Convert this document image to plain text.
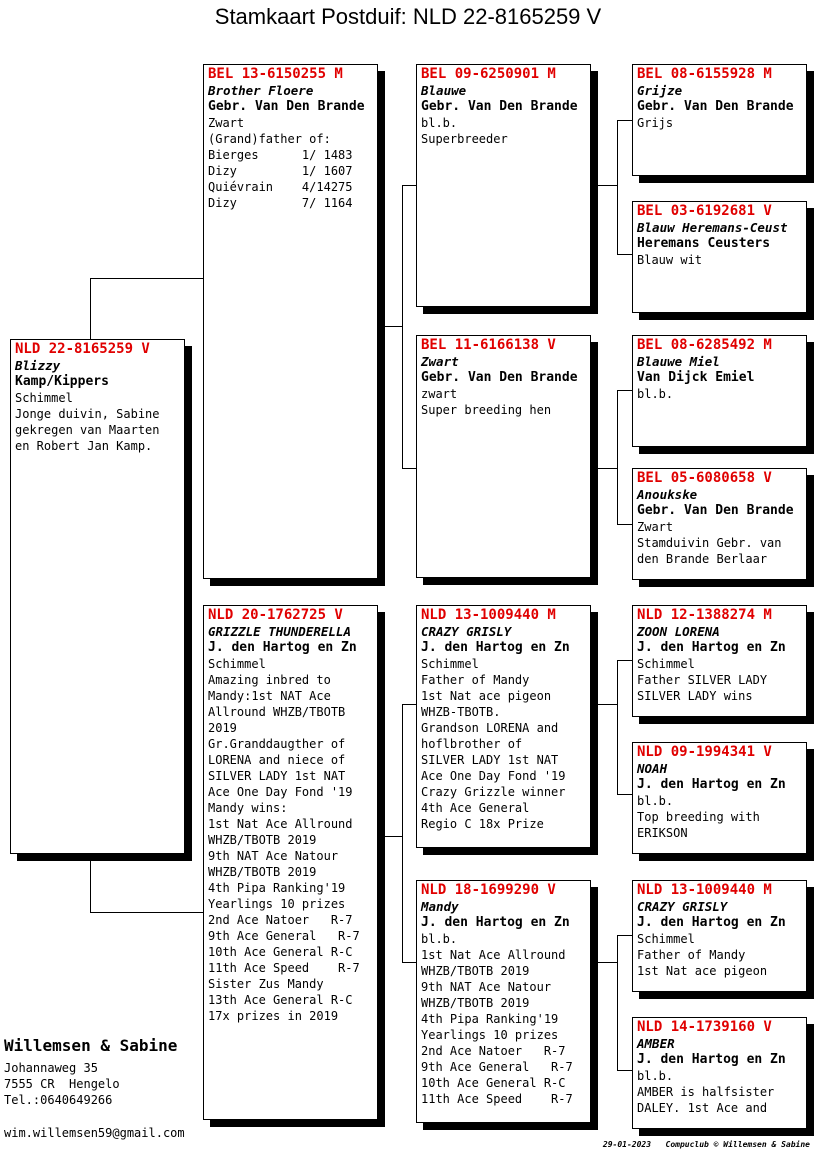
Stamkaart Postduif: NLD 22-8165259 V
NLD 22-8165259 V
Blizzy
Kamp/Kippers
Schimmel
Jonge duivin, Sabine
gekregen van Maarten
en Robert Jan Kamp.
BEL 13-6150255 M
Brother Floere
Gebr. Van Den Brande
Zwart
(Grand)father of:
Bierges      1/ 1483
Dizy         1/ 1607
Quiévrain    4/14275
Dizy         7/ 1164
NLD 20-1762725 V
GRIZZLE THUNDERELLA
J. den Hartog en Zn
Schimmel
Amazing inbred to
Mandy:1st NAT Ace
Allround WHZB/TBOTB
2019
Gr.Granddaugther of
LORENA and niece of
SILVER LADY 1st NAT
Ace One Day Fond '19
Mandy wins:
1st Nat Ace Allround
WHZB/TBOTB 2019
9th NAT Ace Natour
WHZB/TBOTB 2019
4th Pipa Ranking'19
Yearlings 10 prizes
2nd Ace Natoer   R-7
9th Ace General   R-7
10th Ace General R-C
11th Ace Speed    R-7
Sister Zus Mandy
13th Ace General R-C
17x prizes in 2019
BEL 09-6250901 M
Blauwe
Gebr. Van Den Brande
bl.b.
Superbreeder
BEL 11-6166138 V
Zwart
Gebr. Van Den Brande
zwart
Super breeding hen
NLD 13-1009440 M
CRAZY GRISLY
J. den Hartog en Zn
Schimmel
Father of Mandy
1st Nat ace pigeon
WHZB-TBOTB.
Grandson LORENA and
hoflbrother of
SILVER LADY 1st NAT
Ace One Day Fond '19
Crazy Grizzle winner
4th Ace General
Regio C 18x Prize
NLD 18-1699290 V
Mandy
J. den Hartog en Zn
bl.b.
1st Nat Ace Allround
WHZB/TBOTB 2019
9th NAT Ace Natour
WHZB/TBOTB 2019
4th Pipa Ranking'19
Yearlings 10 prizes
2nd Ace Natoer   R-7
9th Ace General   R-7
10th Ace General R-C
11th Ace Speed    R-7
BEL 08-6155928 M
Grijze
Gebr. Van Den Brande
Grijs
BEL 03-6192681 V
Blauw Heremans-Ceust
Heremans Ceusters
Blauw wit
BEL 08-6285492 M
Blauwe Miel
Van Dijck Emiel
bl.b.
BEL 05-6080658 V
Anoukske
Gebr. Van Den Brande
Zwart
Stamduivin Gebr. van
den Brande Berlaar
NLD 12-1388274 M
ZOON LORENA
J. den Hartog en Zn
Schimmel
Father SILVER LADY
SILVER LADY wins
NLD 09-1994341 V
NOAH
J. den Hartog en Zn
bl.b.
Top breeding with
ERIKSON
NLD 13-1009440 M
CRAZY GRISLY
J. den Hartog en Zn
Schimmel
Father of Mandy
1st Nat ace pigeon
NLD 14-1739160 V
AMBER
J. den Hartog en Zn
bl.b.
AMBER is halfsister
DALEY. 1st Ace and
Willemsen & Sabine
Johannaweg 35
7555 CR  Hengelo
Tel.:0640649266
wim.willemsen59@gmail.com
29-01-2023 Compuclub © Willemsen & Sabine
